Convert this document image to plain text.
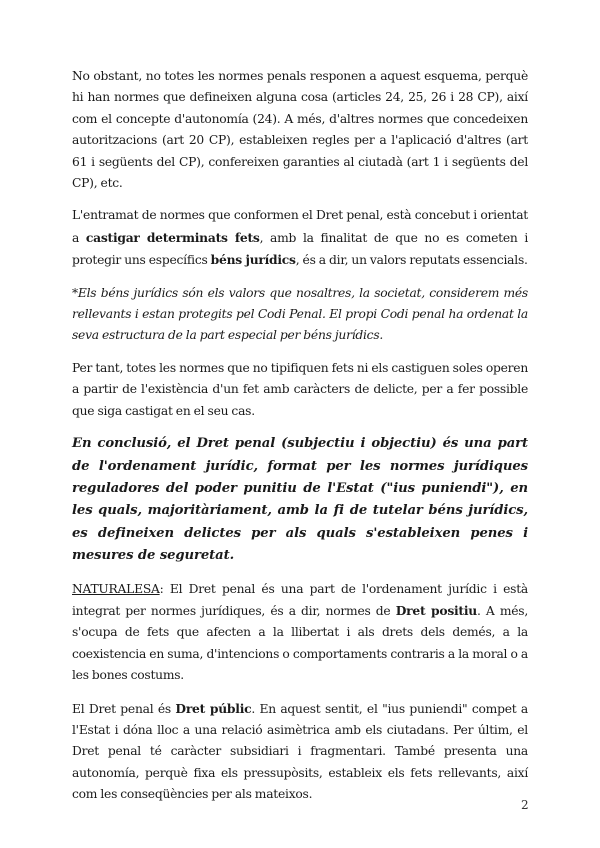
No obstant, no totes les normes penals responen a aquest esquema, perquè hi han normes que defineixen alguna cosa (articles 24, 25, 26 i 28 CP), així com el concepte d'autonomía (24). A més, d'altres normes que concedeixen autoritzacions (art 20 CP), estableixen regles per a l'aplicació d'altres (art 61 i següents del CP), confereixen garanties al ciutadà (art 1 i següents del CP), etc.

L'entramat de normes que conformen el Dret penal, està concebut i orientat a castigar determinats fets, amb la finalitat de que no es cometen i protegir uns específics béns jurídics, és a dir, un valors reputats essencials.

*Els béns jurídics són els valors que nosaltres, la societat, considerem més rellevants i estan protegits pel Codi Penal. El propi Codi penal ha ordenat la seva estructura de la part especial per béns jurídics.

Per tant, totes les normes que no tipifiquen fets ni els castiguen soles operen a partir de l'existència d'un fet amb caràcters de delicte, per a fer possible que siga castigat en el seu cas.

En conclusió, el Dret penal (subjectiu i objectiu) és una part de l'ordenament jurídic, format per les normes jurídiques reguladores del poder punitiu de l'Estat ("ius puniendi"), en les quals, majoritàriament, amb la fi de tutelar béns jurídics, es defineixen delictes per als quals s'estableixen penes i mesures de seguretat.

NATURALESA: El Dret penal és una part de l'ordenament jurídic i està integrat per normes jurídiques, és a dir, normes de Dret positiu. A més, s'ocupa de fets que afecten a la llibertat i als drets dels demés, a la coexistencia en suma, d'intencions o comportaments contraris a la moral o a les bones costums.

El Dret penal és Dret públic. En aquest sentit, el "ius puniendi" compet a l'Estat i dóna lloc a una relació asimètrica amb els ciutadans. Per últim, el Dret penal té caràcter subsidiari i fragmentari. També presenta una autonomía, perquè fixa els pressupòsits, estableix els fets rellevants, així com les conseqüències per als mateixos.

2
